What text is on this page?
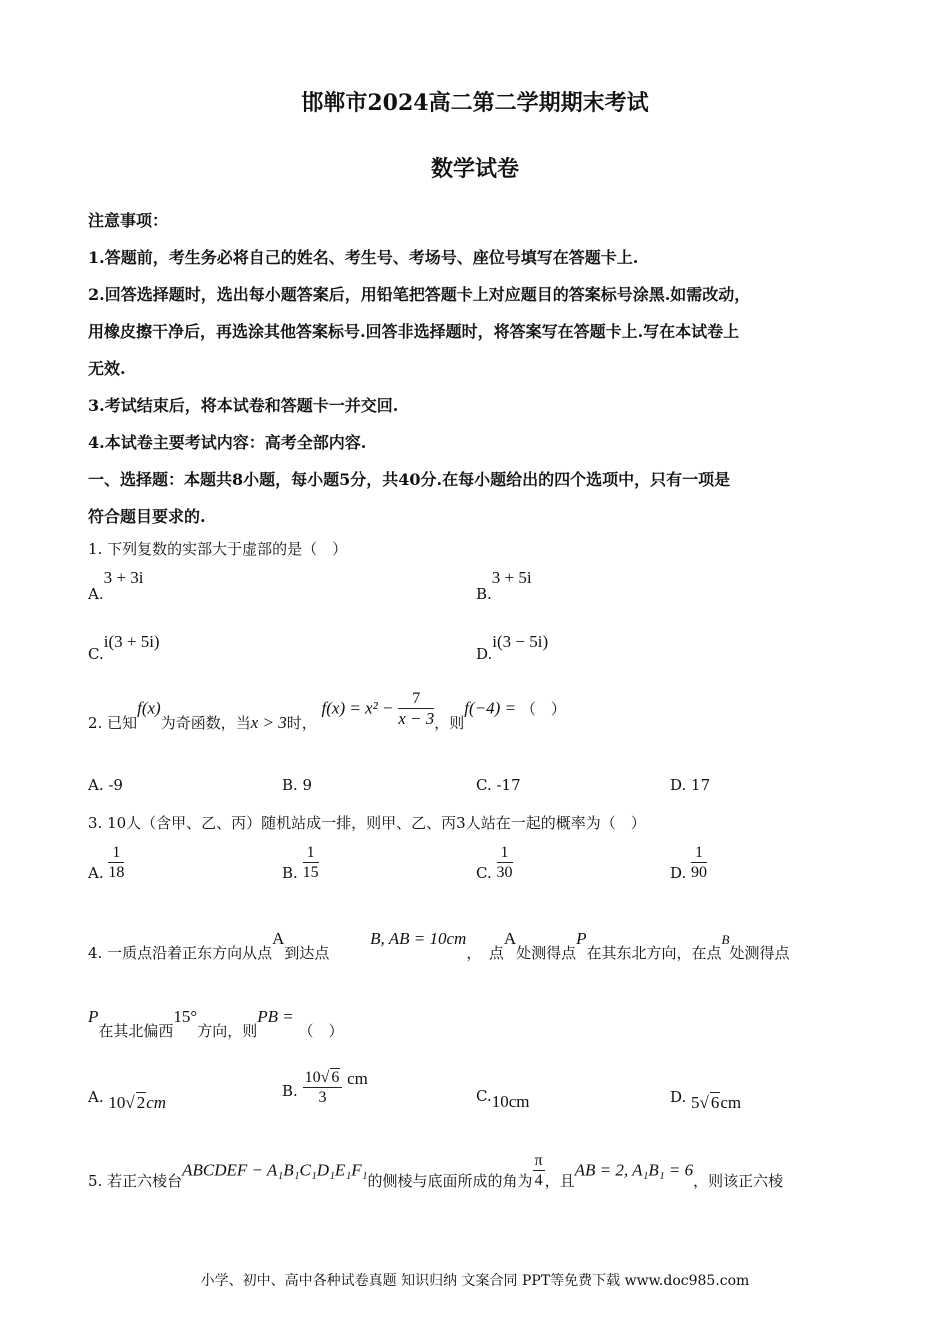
邯郸市2024高二第二学期期末考试
数学试卷
注意事项：
1.答题前，考生务必将自己的姓名、考生号、考场号、座位号填写在答题卡上.
2.回答选择题时，选出每小题答案后，用铅笔把答题卡上对应题目的答案标号涂黑.如需改动，
用橡皮擦干净后，再选涂其他答案标号.回答非选择题时，将答案写在答题卡上.写在本试卷上
无效.
3.考试结束后，将本试卷和答题卡一并交回.
4.本试卷主要考试内容：高考全部内容.
一、选择题：本题共8小题，每小题5分，共40分.在每小题给出的四个选项中，只有一项是
符合题目要求的.
1. 下列复数的实部大于虚部的是（　）
A.3 + 3i
B.3 + 5i
C.i(3 + 5i)
D.i(3 − 5i)
2. 已知f(x)为奇函数，当x > 3时， $f(x) = x^2 - \frac{7}{x - 3}$ ，则f(−4) = （　）
A. -9	B. 9	C. -17	D. 17
3. 10人（含甲、乙、丙）随机站成一排，则甲、乙、丙3人站在一起的概率为（　）
A. $\frac{1}{18}$	B. $\frac{1}{15}$	C. $\frac{1}{30}$	D. $\frac{1}{90}$
4. 一质点沿着正东方向从点A到达点 B, AB = 10cm，　点A处测得点P在其东北方向，在点B处测得点
P在其北偏西15°方向，则PB = （　）
A. 10√ 2cm
B. $\frac{10√ 6}{3}$ cm
C.10cm	D. 5√ 6cm
5. 若正六棱台ABCDEF − A₁B₁C₁D₁E₁F₁的侧棱与底面所成的角为 $\frac{\pi}{4}$ ，且AB = 2, A₁B₁ = 6，则该正六棱
小学、初中、高中各种试卷真题 知识归纳 文案合同 PPT等免费下载 www.doc985.com
